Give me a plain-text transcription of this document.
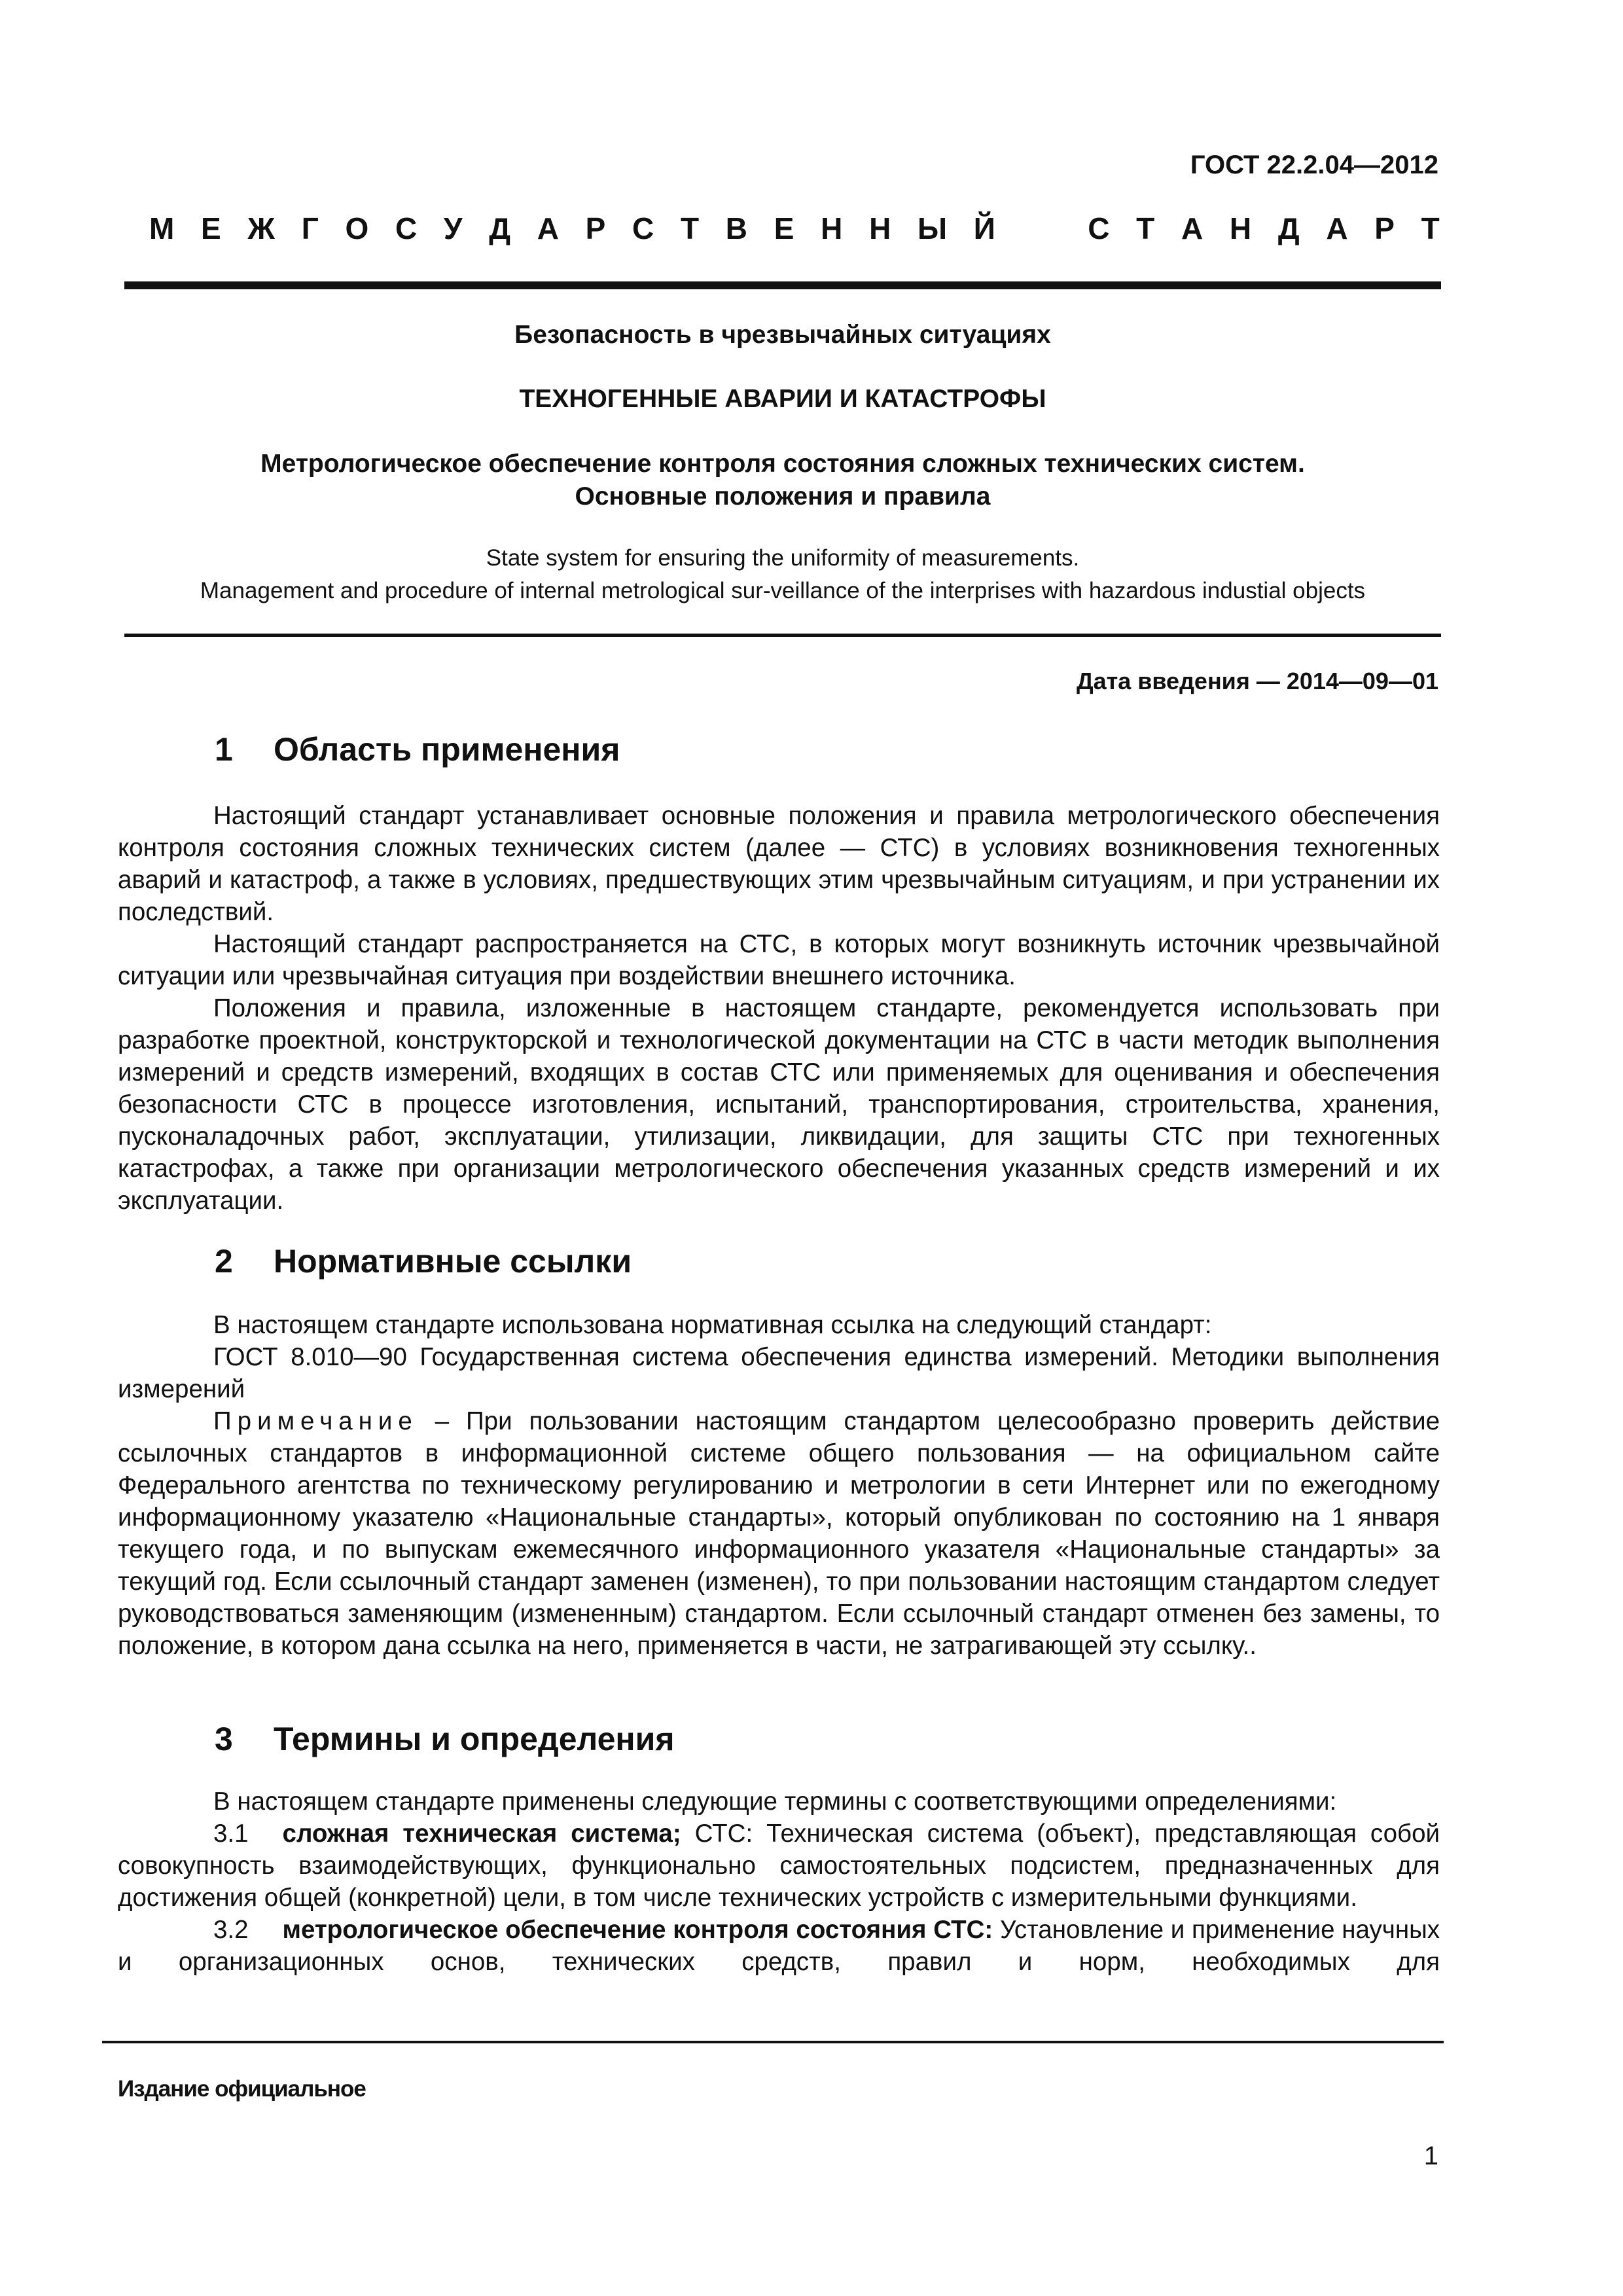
ГОСТ 22.2.04—2012
М Е Ж Г О С У Д А Р С Т В Е Н Н Ы Й	С Т А Н Д А Р Т
Безопасность в чрезвычайных ситуациях
ТЕХНОГЕННЫЕ АВАРИИ И КАТАСТРОФЫ
Метрологическое обеспечение контроля состояния сложных технических систем.
Основные положения и правила
State system for ensuring the uniformity of measurements.
Management and procedure of internal metrological sur-veillance of the interprises with hazardous industial objects
Дата введения — 2014—09—01
1 Область применения

Настоящий стандарт устанавливает основные положения и правила метрологического обеспечения контроля состояния сложных технических систем (далее — СТС) в условиях возникновения техногенных аварий и катастроф, а также в условиях, предшествующих этим чрезвычайным ситуациям, и при устранении их последствий.

Настоящий стандарт распространяется на СТС, в которых могут возникнуть источник чрезвычайной ситуации или чрезвычайная ситуация при воздействии внешнего источника.

Положения и правила, изложенные в настоящем стандарте, рекомендуется использовать при разработке проектной, конструкторской и технологической документации на СТС в части методик выполнения измерений и средств измерений, входящих в состав СТС или применяемых для оценивания и обеспечения безопасности СТС в процессе изготовления, испытаний, транспортирования, строительства, хранения, пусконаладочных работ, эксплуатации, утилизации, ликвидации, для защиты СТС при техногенных катастрофах, а также при организации метрологического обеспечения указанных средств измерений и их эксплуатации.

2 Нормативные ссылки

В настоящем стандарте использована нормативная ссылка на следующий стандарт:

ГОСТ 8.010—90 Государственная система обеспечения единства измерений. Методики выполнения измерений

Примечание – При пользовании настоящим стандартом целесообразно проверить действие ссылочных стандартов в информационной системе общего пользования — на официальном сайте Федерального агентства по техническому регулированию и метрологии в сети Интернет или по ежегодному информационному указателю «Национальные стандарты», который опубликован по состоянию на 1 января текущего года, и по выпускам ежемесячного информационного указателя «Национальные стандарты» за текущий год. Если ссылочный стандарт заменен (изменен), то при пользовании настоящим стандартом следует руководствоваться заменяющим (измененным) стандартом. Если ссылочный стандарт отменен без замены, то положение, в котором дана ссылка на него, применяется в части, не затрагивающей эту ссылку..

3 Термины и определения

В настоящем стандарте применены следующие термины с соответствующими определениями:

3.1 сложная техническая система; СТС: Техническая система (объект), представляющая собой совокупность взаимодействующих, функционально самостоятельных подсистем, предназначенных для достижения общей (конкретной) цели, в том числе технических устройств с измерительными функциями.

3.2 метрологическое обеспечение контроля состояния СТС: Установление и применение научных и организационных основ, технических средств, правил и норм, необходимых для

Издание официальное
1
